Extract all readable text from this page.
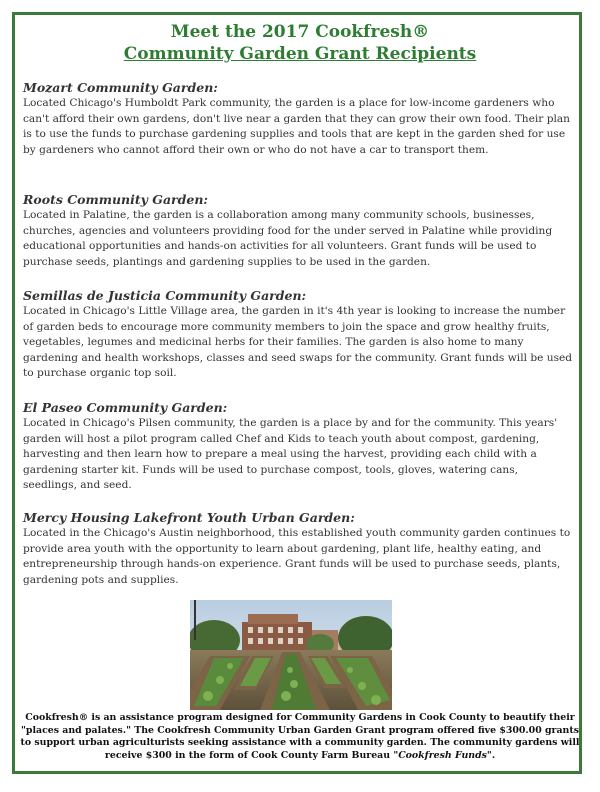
Meet the 2017 Cookfresh®
Community Garden Grant Recipients

Mozart Community Garden:

Located Chicago's Humboldt Park community, the garden is a place for low-income gardeners who can't afford their own gardens, don't live near a garden that they can grow their own food. Their plan is to use the funds to purchase gardening supplies and tools that are kept in the garden shed for use by gardeners who cannot afford their own or who do not have a car to transport them.

Roots Community Garden:

Located in Palatine, the garden is a collaboration among many community schools, businesses, churches, agencies and volunteers providing food for the under served in Palatine while providing educational opportunities and hands-on activities for all volunteers. Grant funds will be used to purchase seeds, plantings and gardening supplies to be used in the garden.

Semillas de Justicia Community Garden:

Located in Chicago's Little Village area, the garden in it's 4th year is looking to increase the number of garden beds to encourage more community members to join the space and grow healthy fruits, vegetables, legumes and medicinal herbs for their families. The garden is also home to many gardening and health workshops, classes and seed swaps for the community. Grant funds will be used to purchase organic top soil.

El Paseo Community Garden:

Located in Chicago's Pilsen community, the garden is a place by and for the community. This years' garden will host a pilot program called Chef and Kids to teach youth about compost, gardening, harvesting and then learn how to prepare a meal using the harvest, providing each child with a gardening starter kit. Funds will be used to purchase compost, tools, gloves, watering cans, seedlings, and seed.

Mercy Housing Lakefront Youth Urban Garden:

Located in the Chicago's Austin neighborhood, this established youth community garden continues to provide area youth with the opportunity to learn about gardening, plant life, healthy eating, and entrepreneurship through hands-on experience. Grant funds will be used to purchase seeds, plants, gardening pots and supplies.

Cookfresh® is an assistance program designed for Community Gardens in Cook County to beautify their "places and palates." The Cookfresh Community Urban Garden Grant program offered five $300.00 grants to support urban agriculturists seeking assistance with a community garden. The community gardens will receive $300 in the form of Cook County Farm Bureau "Cookfresh Funds".
